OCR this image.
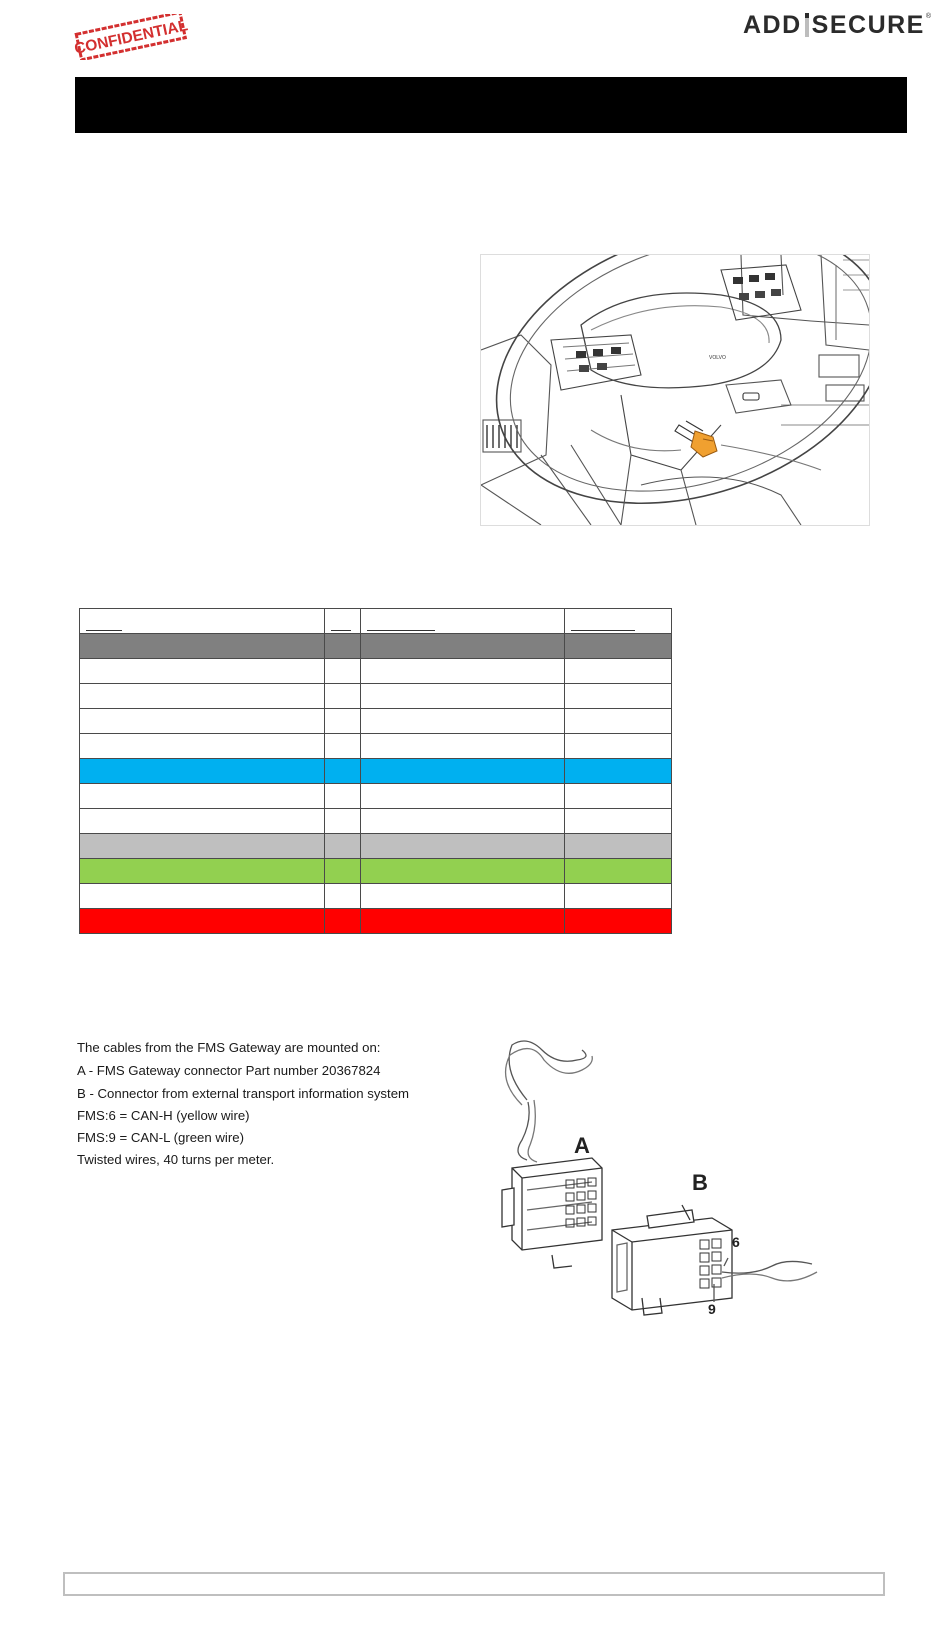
CONFIDENTIAL	ADD SECURE®
VOLVO

The cables from the FMS Gateway are mounted on:

A - FMS Gateway connector Part number 20367824

B - Connector from external transport information system

FMS:6 = CAN-H (yellow wire)

FMS:9 = CAN-L (green wire)

Twisted wires, 40 turns per meter.

A
B
6
9
